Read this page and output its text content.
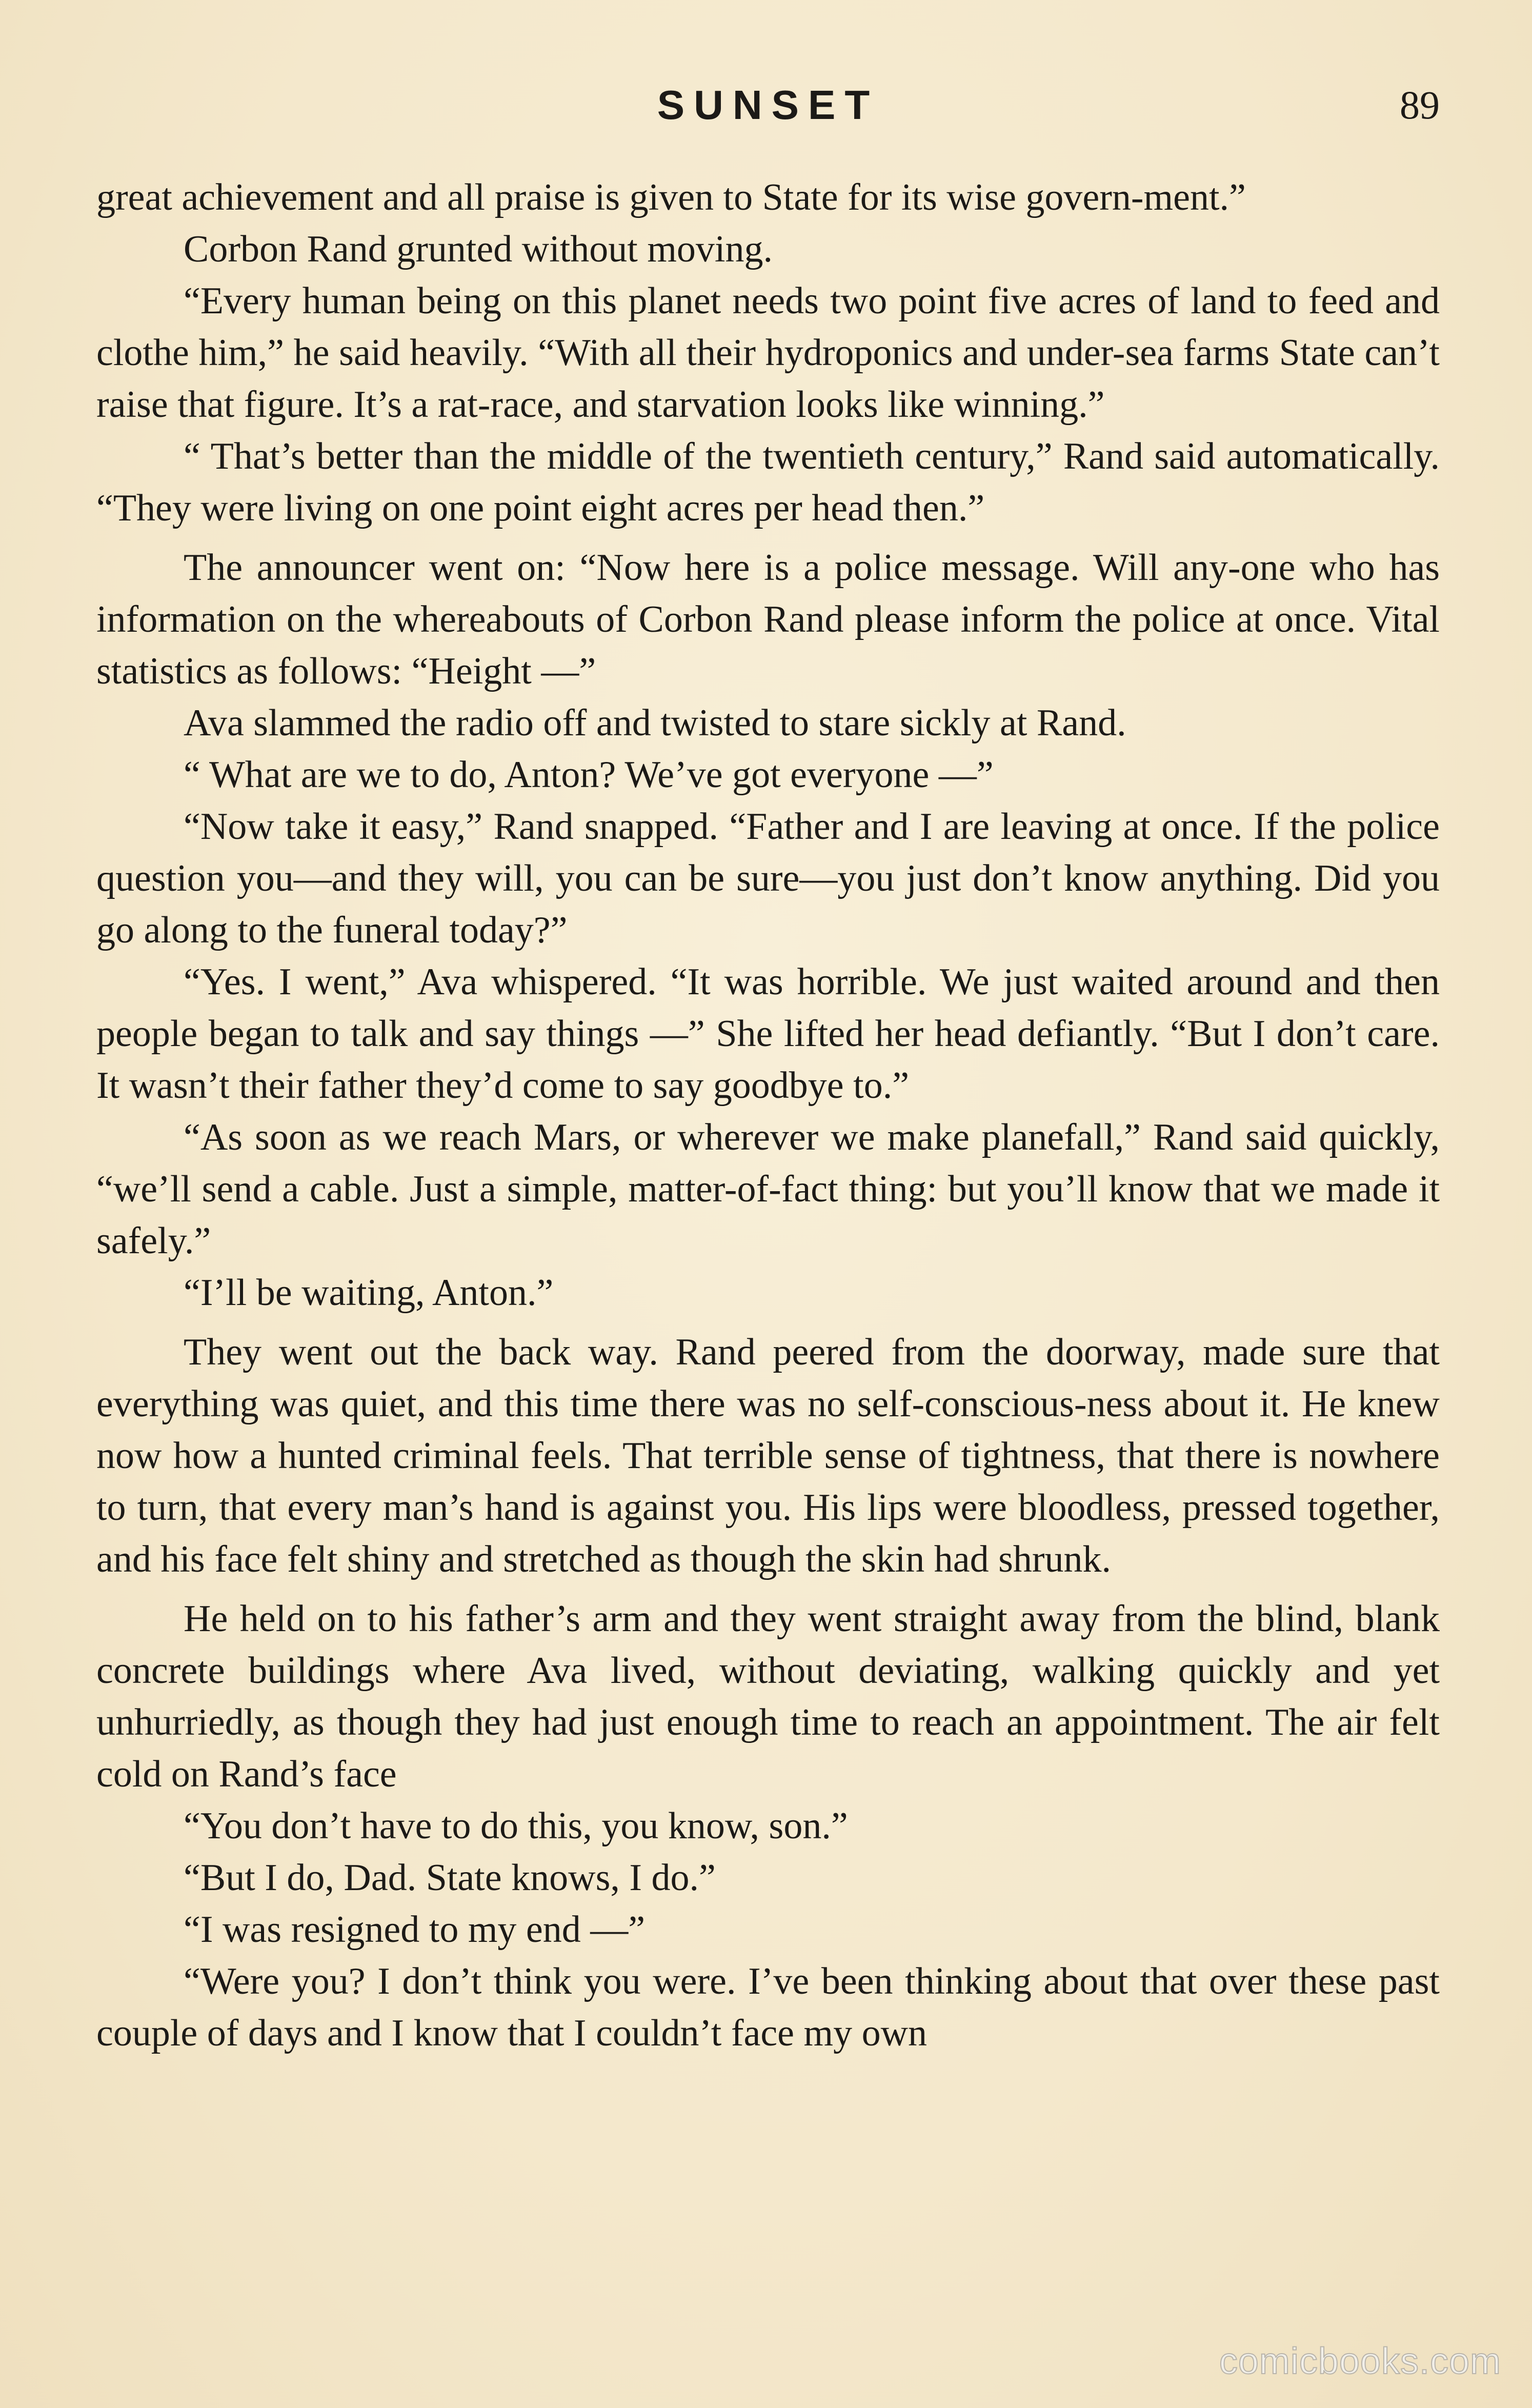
SUNSET	89

great achievement and all praise is given to State for its wise govern-ment.”

Corbon Rand grunted without moving.

“Every human being on this planet needs two point five acres of land to feed and clothe him,” he said heavily. “With all their hydroponics and under-sea farms State can’t raise that figure. It’s a rat-race, and starvation looks like winning.”

“ That’s better than the middle of the twentieth century,” Rand said automatically. “They were living on one point eight acres per head then.”

The announcer went on: “Now here is a police message. Will any-one who has information on the whereabouts of Corbon Rand please inform the police at once. Vital statistics as follows: “Height —”

Ava slammed the radio off and twisted to stare sickly at Rand.

“ What are we to do, Anton? We’ve got everyone —”

“Now take it easy,” Rand snapped. “Father and I are leaving at once. If the police question you—and they will, you can be sure—you just don’t know anything. Did you go along to the funeral today?”

“Yes. I went,” Ava whispered. “It was horrible. We just waited around and then people began to talk and say things —” She lifted her head defiantly. “But I don’t care. It wasn’t their father they’d come to say goodbye to.”

“As soon as we reach Mars, or wherever we make planefall,” Rand said quickly, “we’ll send a cable. Just a simple, matter-of-fact thing: but you’ll know that we made it safely.”

“I’ll be waiting, Anton.”

They went out the back way. Rand peered from the doorway, made sure that everything was quiet, and this time there was no self-conscious-ness about it. He knew now how a hunted criminal feels. That terrible sense of tightness, that there is nowhere to turn, that every man’s hand is against you. His lips were bloodless, pressed together, and his face felt shiny and stretched as though the skin had shrunk.

He held on to his father’s arm and they went straight away from the blind, blank concrete buildings where Ava lived, without deviating, walking quickly and yet unhurriedly, as though they had just enough time to reach an appointment. The air felt cold on Rand’s face

“You don’t have to do this, you know, son.”

“But I do, Dad. State knows, I do.”

“I was resigned to my end —”

“Were you? I don’t think you were. I’ve been thinking about that over these past couple of days and I know that I couldn’t face my own

comicbooks.com
